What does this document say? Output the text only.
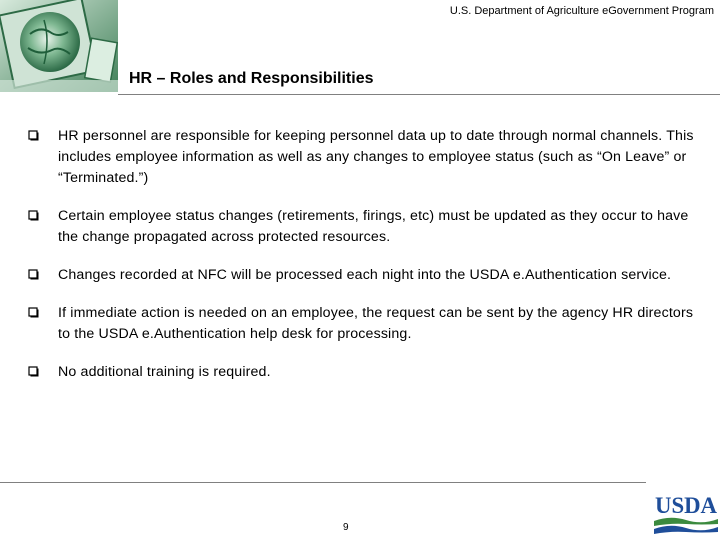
U.S. Department of Agriculture eGovernment Program
HR – Roles and Responsibilities
HR personnel are responsible for keeping personnel data up to date through normal channels. This includes employee information as well as any changes to employee status (such as “On Leave” or “Terminated.”)
Certain employee status changes (retirements, firings, etc) must be updated as they occur to have the change propagated across protected resources.
Changes recorded at NFC will be processed each night into the USDA e.Authentication service.
If immediate action is needed on an employee, the request can be sent by the agency HR directors to the USDA e.Authentication help desk for processing.
No additional training is required.
9
USDA
